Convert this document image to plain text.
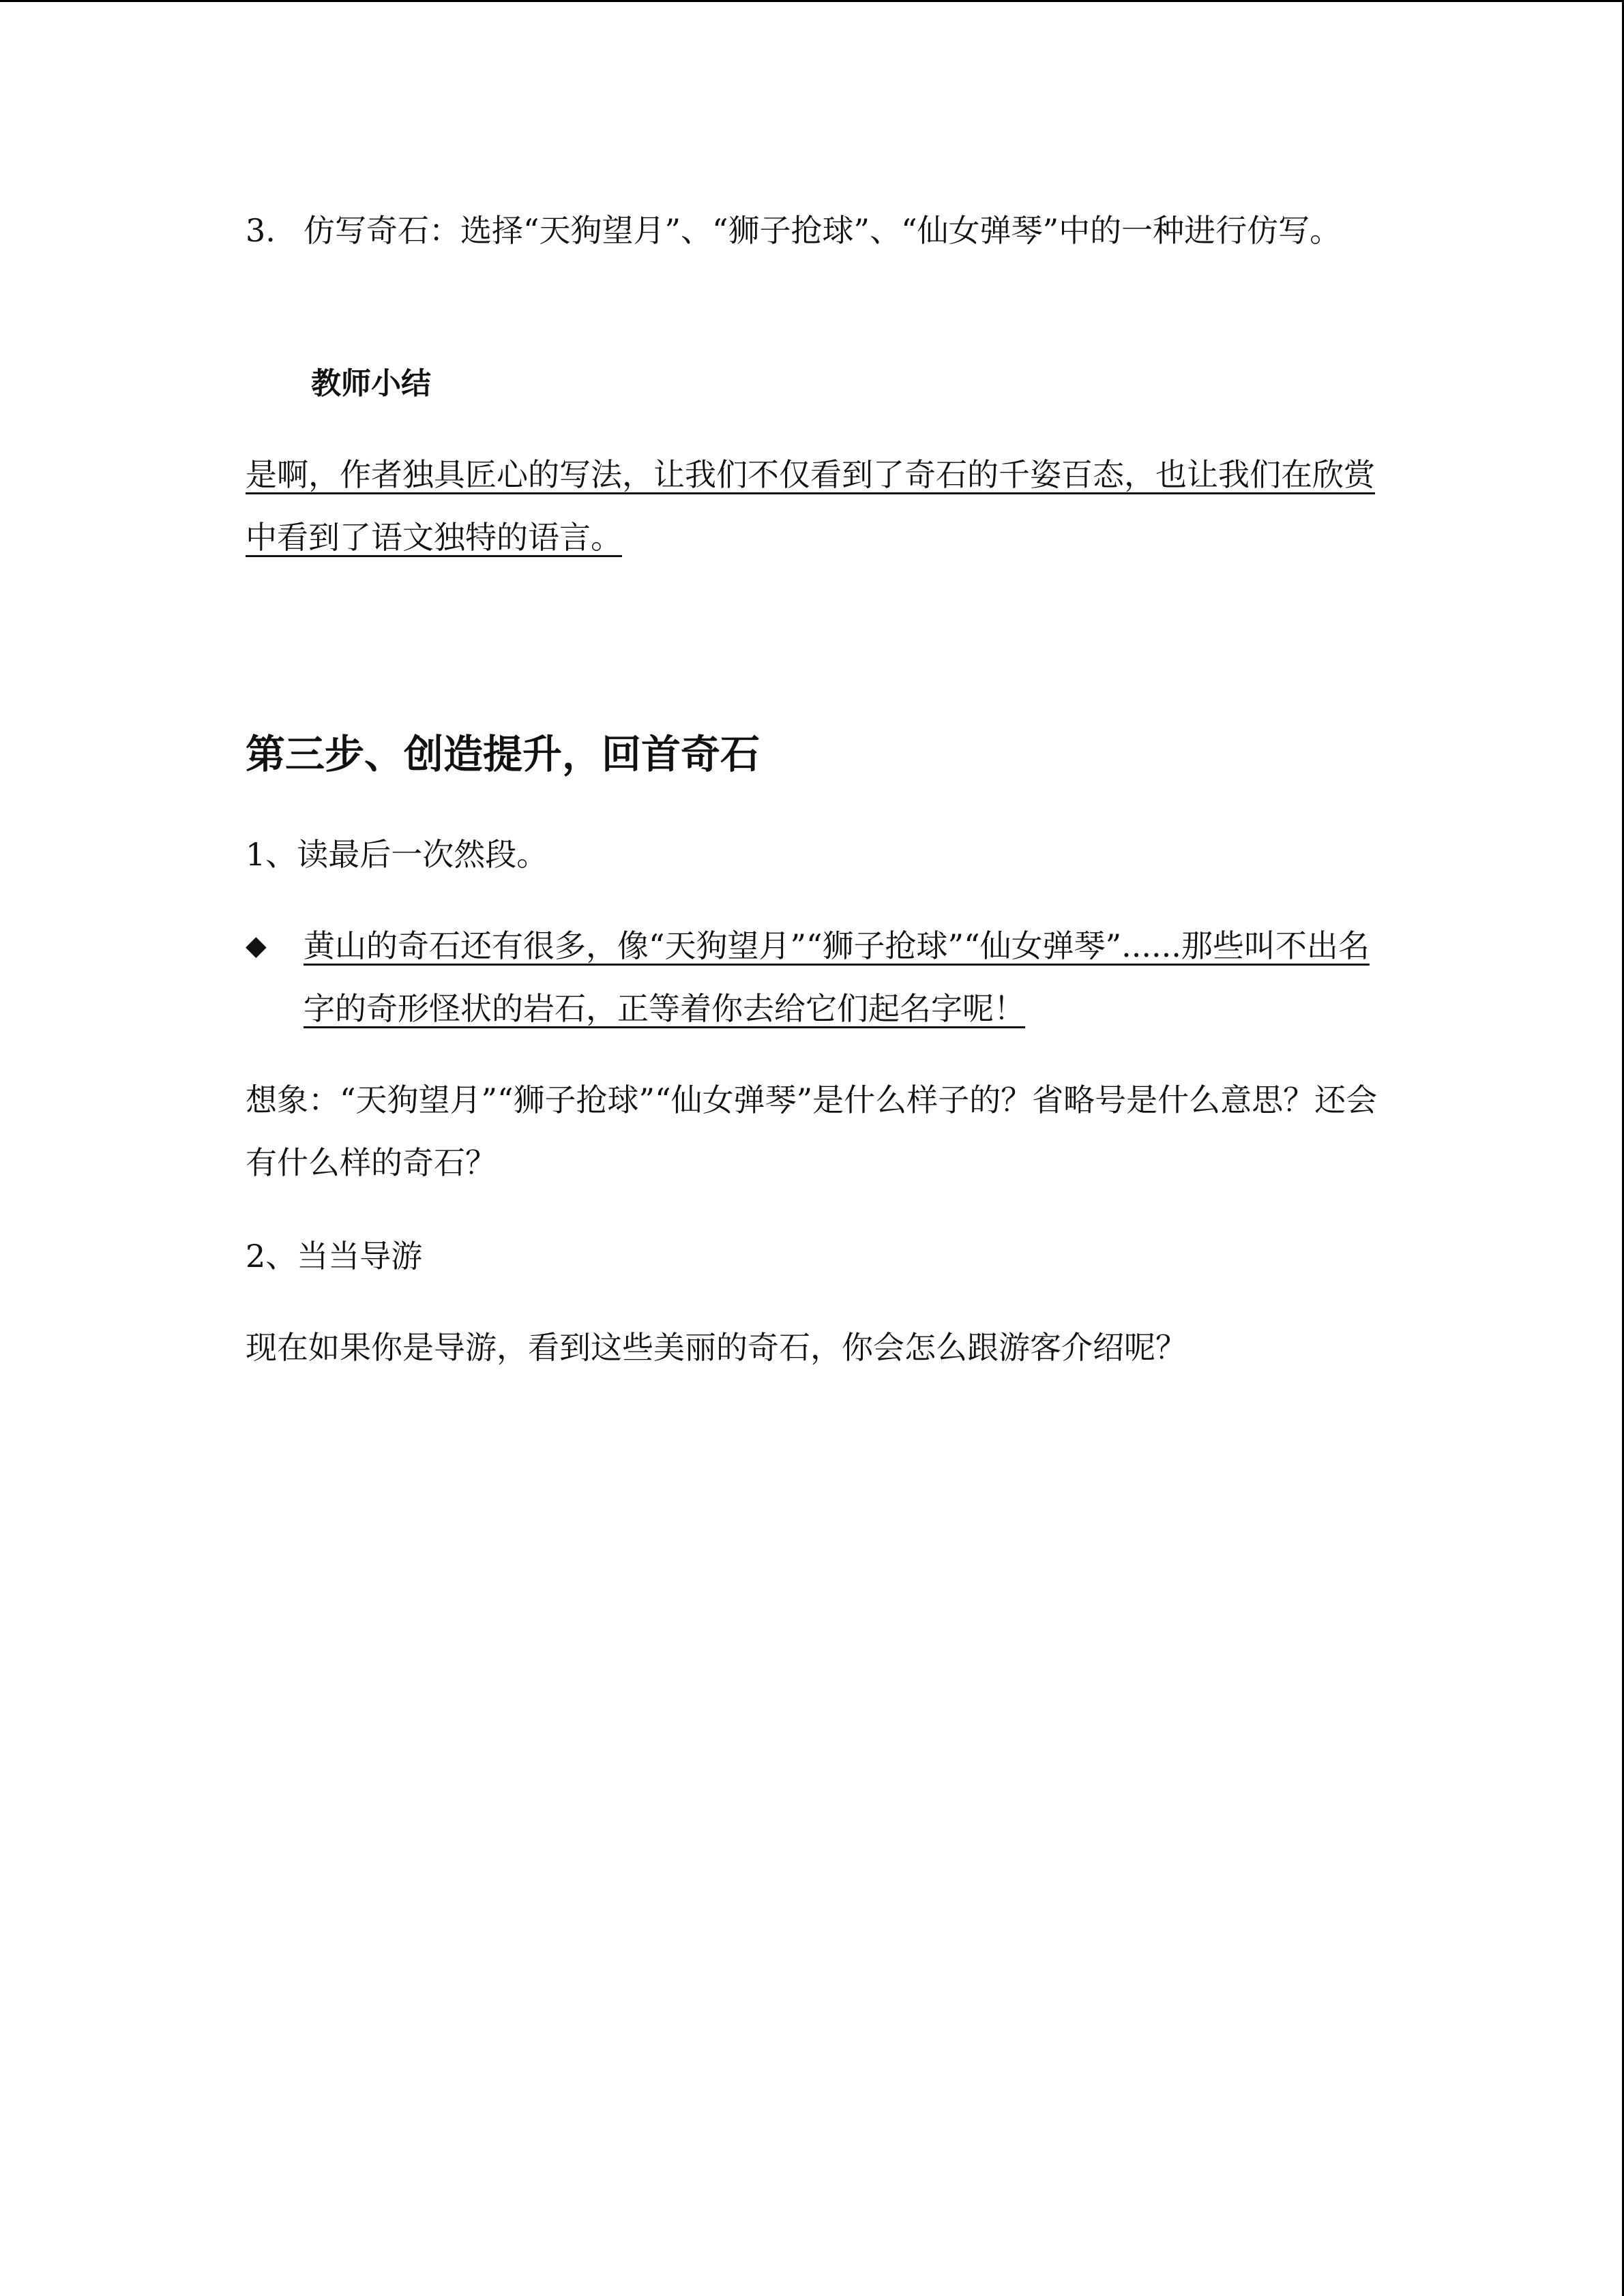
3. 仿写奇石：选择“天狗望月”、“狮子抢球”、“仙女弹琴”中的一种进行仿写。

教师小结

是啊，作者独具匠心的写法，让我们不仅看到了奇石的千姿百态，也让我们在欣赏中看到了语文独特的语言。

第三步、创造提升，回首奇石

1、读最后一次然段。

◆	黄山的奇石还有很多，像“天狗望月”“狮子抢球”“仙女弹琴”......那些叫不出名字的奇形怪状的岩石，正等着你去给它们起名字呢！

想象：“天狗望月”“狮子抢球”“仙女弹琴”是什么样子的？省略号是什么意思？还会有什么样的奇石？

2、当当导游

现在如果你是导游，看到这些美丽的奇石，你会怎么跟游客介绍呢？
